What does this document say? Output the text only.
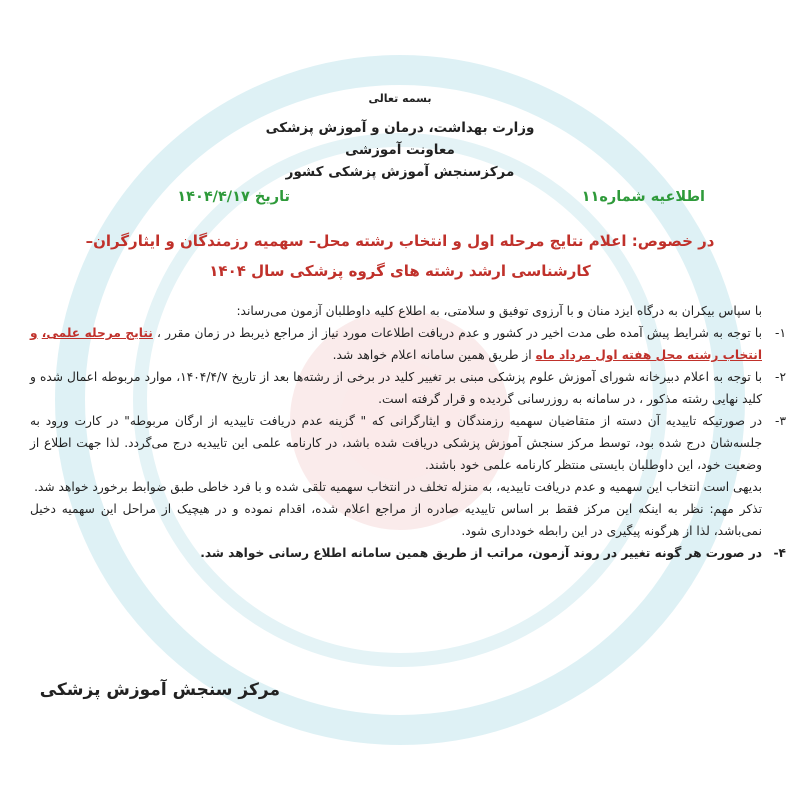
بسمه تعالی
وزارت بهداشت، درمان و آموزش پزشکی
معاونت آموزشی
مرکزسنجش آموزش پزشکی کشور
اطلاعیه شماره۱۱
تاریخ ۱۴۰۴/۴/۱۷
در خصوص: اعلام نتایج مرحله اول و انتخاب رشته محل– سهمیه رزمندگان و ایثارگران–
کارشناسی ارشد رشته های گروه پزشکی سال ۱۴۰۴
با سپاس بیکران به درگاه ایزد منان و با آرزوی توفیق و سلامتی، به اطلاع کلیه داوطلبان آزمون می‌رساند:
۱-
با توجه به شرایط پیش آمده طی مدت اخیر در کشور و عدم دریافت اطلاعات مورد نیاز از مراجع ذیربط در زمان مقرر ، نتایج مرحله علمی، و انتخاب رشته محل هفته اول مرداد ماه از طریق همین سامانه اعلام خواهد شد.
۲-
با توجه به اعلام دبیرخانه شورای آموزش علوم پزشکی مبنی بر تغییر کلید در برخی از رشته‌ها بعد از تاریخ ۱۴۰۴/۴/۷، موارد مربوطه اعمال شده و کلید نهایی رشته مذکور ، در سامانه به روزرسانی گردیده و قرار گرفته است.
۳-
در صورتیکه تاییدیه آن دسته از متقاضیان سهمیه رزمندگان و ایثارگرانی که " گزینه عدم دریافت تاییدیه از ارگان مربوطه" در کارت ورود به جلسه‌شان درج شده بود، توسط مرکز سنجش آموزش پزشکی دریافت شده باشد، در کارنامه علمی این تاییدیه درج می‌گردد. لذا جهت اطلاع از وضعیت خود، این داوطلبان بایستی منتظر کارنامه علمی خود باشند.
بدیهی است انتخاب این سهمیه و عدم دریافت تاییدیه، به منزله تخلف در انتخاب سهمیه تلقی شده و با فرد خاطی طبق ضوابط برخورد خواهد شد.
تذکر مهم: نظر به اینکه این مرکز فقط بر اساس تاییدیه صادره از مراجع اعلام شده، اقدام نموده و در هیچیک از مراحل این سهمیه دخیل نمی‌باشد، لذا از هرگونه پیگیری در این رابطه خودداری شود.
۴-
در صورت هر گونه تغییر در روند آزمون، مراتب از طریق همین سامانه اطلاع رسانی خواهد شد.
مرکز سنجش آموزش پزشکی
